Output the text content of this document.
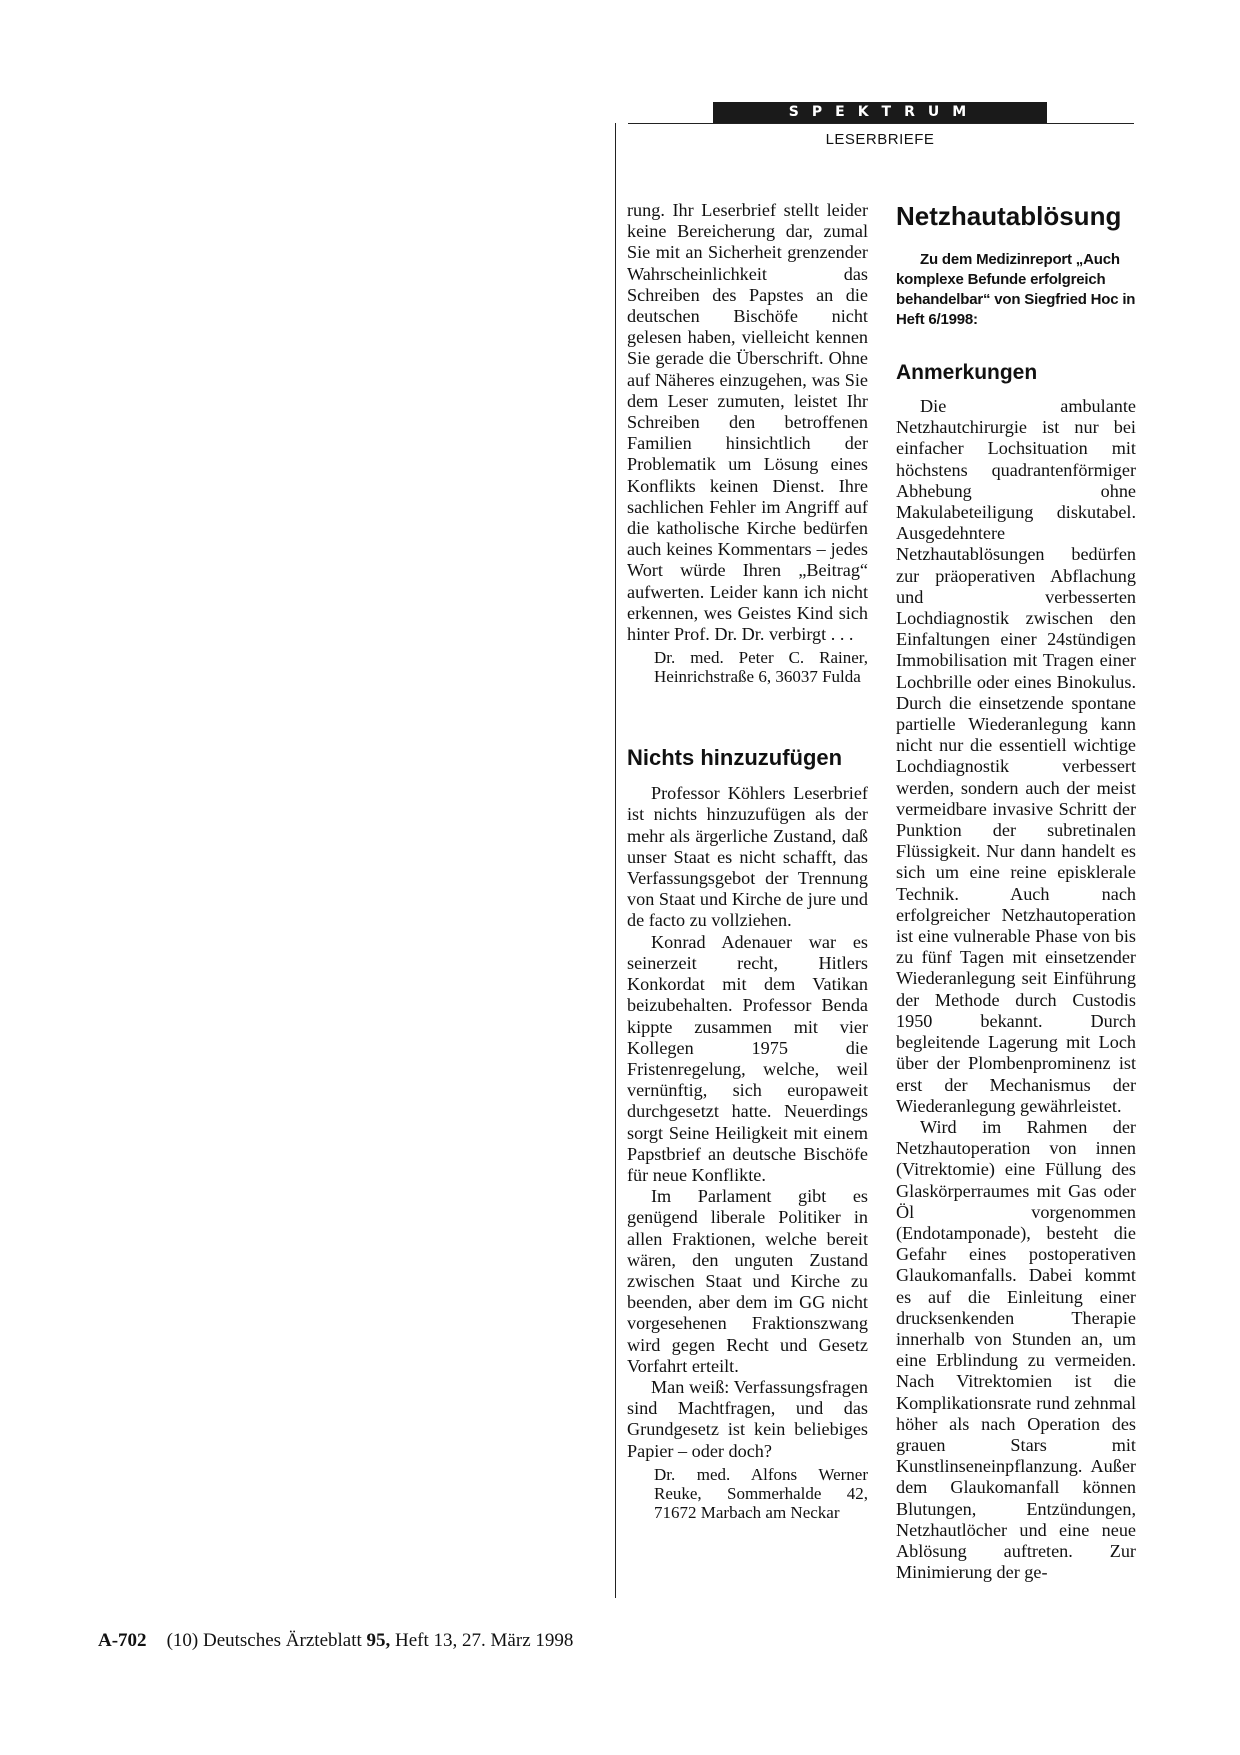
SPEKTRUM
LESERBRIEFE

rung. Ihr Leserbrief stellt leider keine Bereicherung dar, zumal Sie mit an Sicherheit grenzender Wahrscheinlichkeit das Schreiben des Papstes an die deutschen Bischöfe nicht gelesen haben, vielleicht kennen Sie gerade die Überschrift. Ohne auf Näheres einzugehen, was Sie dem Leser zumuten, leistet Ihr Schreiben den betroffenen Familien hinsichtlich der Problematik um Lösung eines Konflikts keinen Dienst. Ihre sachlichen Fehler im Angriff auf die katholische Kirche bedürfen auch keines Kommentars – jedes Wort würde Ihren „Beitrag“ aufwerten. Leider kann ich nicht erkennen, wes Geistes Kind sich hinter Prof. Dr. Dr. verbirgt . . .

Dr. med. Peter C. Rainer, Heinrichstraße 6, 36037 Fulda

Nichts hinzuzufügen

Professor Köhlers Leserbrief ist nichts hinzuzufügen als der mehr als ärgerliche Zustand, daß unser Staat es nicht schafft, das Verfassungsgebot der Trennung von Staat und Kirche de jure und de facto zu vollziehen.

Konrad Adenauer war es seinerzeit recht, Hitlers Konkordat mit dem Vatikan beizubehalten. Professor Benda kippte zusammen mit vier Kollegen 1975 die Fristenregelung, welche, weil vernünftig, sich europaweit durchgesetzt hatte. Neuerdings sorgt Seine Heiligkeit mit einem Papstbrief an deutsche Bischöfe für neue Konflikte.

Im Parlament gibt es genügend liberale Politiker in allen Fraktionen, welche bereit wären, den unguten Zustand zwischen Staat und Kirche zu beenden, aber dem im GG nicht vorgesehenen Fraktionszwang wird gegen Recht und Gesetz Vorfahrt erteilt.

Man weiß: Verfassungsfragen sind Machtfragen, und das Grundgesetz ist kein beliebiges Papier – oder doch?

Dr. med. Alfons Werner Reuke, Sommerhalde 42, 71672 Marbach am Neckar

Netzhautablösung

Zu dem Medizinreport „Auch komplexe Befunde erfolgreich behandelbar“ von Siegfried Hoc in Heft 6/1998:

Anmerkungen

Die ambulante Netzhautchirurgie ist nur bei einfacher Lochsituation mit höchstens quadrantenförmiger Abhebung ohne Makulabeteiligung diskutabel. Ausgedehntere Netzhautablösungen bedürfen zur präoperativen Abflachung und verbesserten Lochdiagnostik zwischen den Einfaltungen einer 24stündigen Immobilisation mit Tragen einer Lochbrille oder eines Binokulus. Durch die einsetzende spontane partielle Wiederanlegung kann nicht nur die essentiell wichtige Lochdiagnostik verbessert werden, sondern auch der meist vermeidbare invasive Schritt der Punktion der subretinalen Flüssigkeit. Nur dann handelt es sich um eine reine episklerale Technik. Auch nach erfolgreicher Netzhautoperation ist eine vulnerable Phase von bis zu fünf Tagen mit einsetzender Wiederanlegung seit Einführung der Methode durch Custodis 1950 bekannt. Durch begleitende Lagerung mit Loch über der Plombenprominenz ist erst der Mechanismus der Wiederanlegung gewährleistet.

Wird im Rahmen der Netzhautoperation von innen (Vitrektomie) eine Füllung des Glaskörperraumes mit Gas oder Öl vorgenommen (Endotamponade), besteht die Gefahr eines postoperativen Glaukomanfalls. Dabei kommt es auf die Einleitung einer drucksenkenden Therapie innerhalb von Stunden an, um eine Erblindung zu vermeiden. Nach Vitrektomien ist die Komplikationsrate rund zehnmal höher als nach Operation des grauen Stars mit Kunstlinseneinpflanzung. Außer dem Glaukomanfall können Blutungen, Entzündungen, Netzhautlöcher und eine neue Ablösung auftreten. Zur Minimierung der ge-

A-702 (10) Deutsches Ärzteblatt 95, Heft 13, 27. März 1998
